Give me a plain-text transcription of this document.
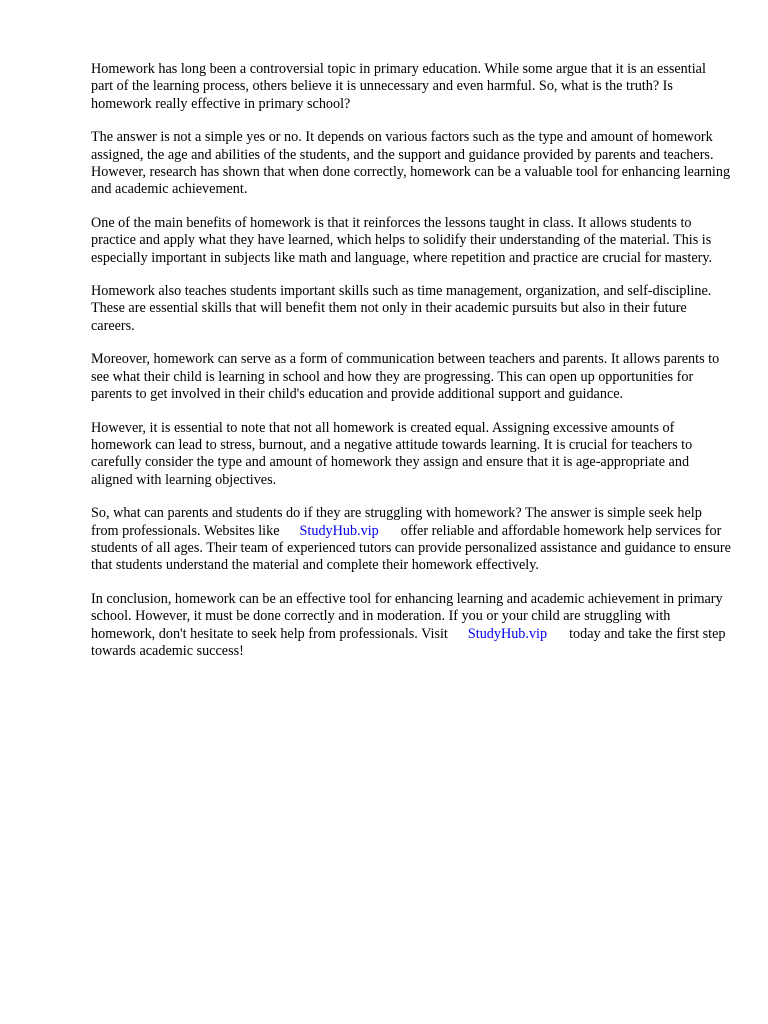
Homework has long been a controversial topic in primary education. While some argue that it is an essential part of the learning process, others believe it is unnecessary and even harmful. So, what is the truth? Is homework really effective in primary school?

The answer is not a simple yes or no. It depends on various factors such as the type and amount of homework assigned, the age and abilities of the students, and the support and guidance provided by parents and teachers. However, research has shown that when done correctly, homework can be a valuable tool for enhancing learning and academic achievement.

One of the main benefits of homework is that it reinforces the lessons taught in class. It allows students to practice and apply what they have learned, which helps to solidify their understanding of the material. This is especially important in subjects like math and language, where repetition and practice are crucial for mastery.

Homework also teaches students important skills such as time management, organization, and self-discipline. These are essential skills that will benefit them not only in their academic pursuits but also in their future careers.

Moreover, homework can serve as a form of communication between teachers and parents. It allows parents to see what their child is learning in school and how they are progressing. This can open up opportunities for parents to get involved in their child's education and provide additional support and guidance.

However, it is essential to note that not all homework is created equal. Assigning excessive amounts of homework can lead to stress, burnout, and a negative attitude towards learning. It is crucial for teachers to carefully consider the type and amount of homework they assign and ensure that it is age-appropriate and aligned with learning objectives.

So, what can parents and students do if they are struggling with homework? The answer is simple seek help from professionals. Websites like StudyHub.vip offer reliable and affordable homework help services for students of all ages. Their team of experienced tutors can provide personalized assistance and guidance to ensure that students understand the material and complete their homework effectively.

In conclusion, homework can be an effective tool for enhancing learning and academic achievement in primary school. However, it must be done correctly and in moderation. If you or your child are struggling with homework, don't hesitate to seek help from professionals. Visit StudyHub.vip today and take the first step towards academic success!
